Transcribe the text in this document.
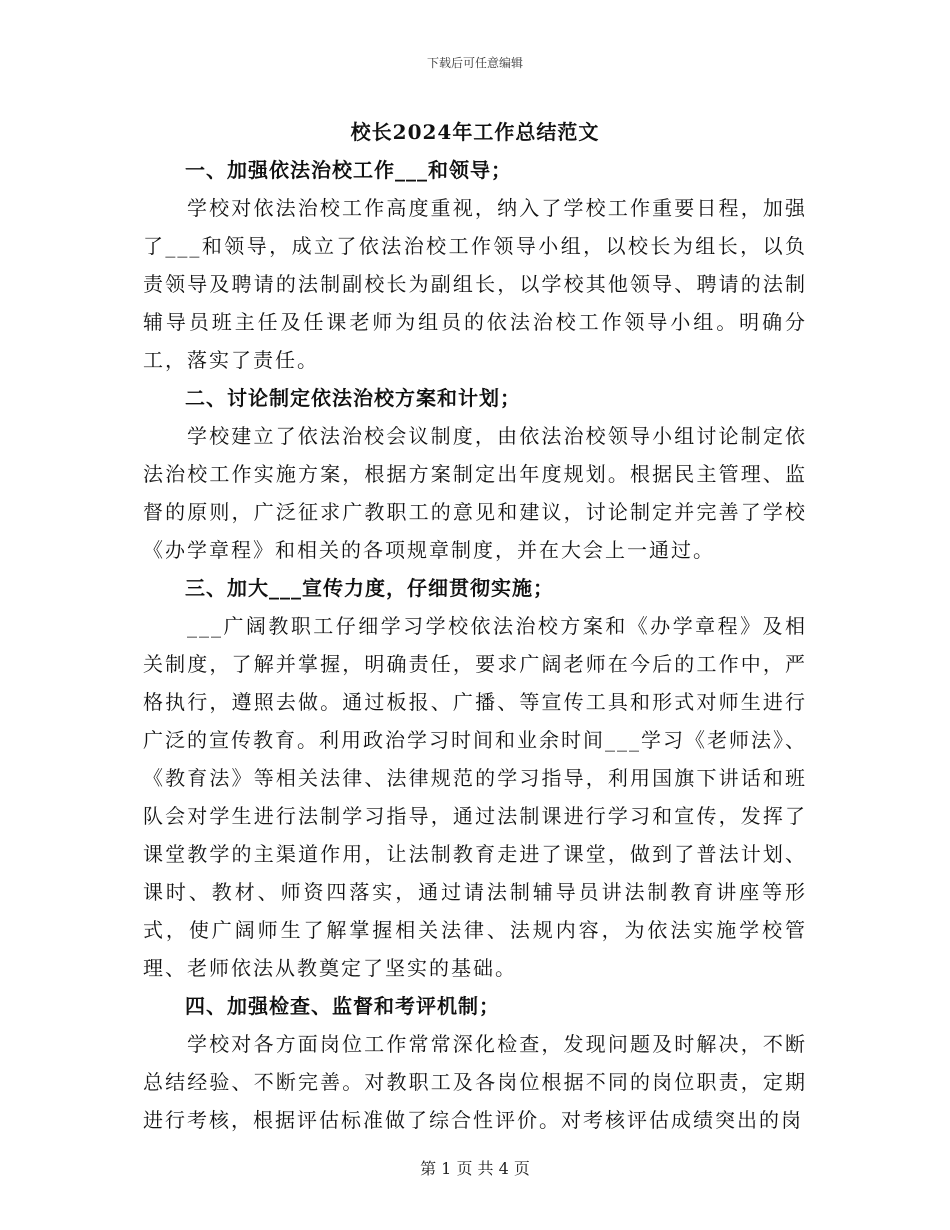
下载后可任意编辑
校长2024年工作总结范文
一、加强依法治校工作___和领导；

学校对依法治校工作高度重视，纳入了学校工作重要日程，加强了___和领导，成立了依法治校工作领导小组，以校长为组长，以负责领导及聘请的法制副校长为副组长，以学校其他领导、聘请的法制辅导员班主任及任课老师为组员的依法治校工作领导小组。明确分工，落实了责任。

二、讨论制定依法治校方案和计划；

学校建立了依法治校会议制度，由依法治校领导小组讨论制定依法治校工作实施方案，根据方案制定出年度规划。根据民主管理、监督的原则，广泛征求广教职工的意见和建议，讨论制定并完善了学校《办学章程》和相关的各项规章制度，并在大会上一通过。

三、加大___宣传力度，仔细贯彻实施；

___广阔教职工仔细学习学校依法治校方案和《办学章程》及相关制度，了解并掌握，明确责任，要求广阔老师在今后的工作中，严格执行，遵照去做。通过板报、广播、等宣传工具和形式对师生进行广泛的宣传教育。利用政治学习时间和业余时间___学习《老师法》、《教育法》等相关法律、法律规范的学习指导，利用国旗下讲话和班队会对学生进行法制学习指导，通过法制课进行学习和宣传，发挥了课堂教学的主渠道作用，让法制教育走进了课堂，做到了普法计划、课时、教材、师资四落实，通过请法制辅导员讲法制教育讲座等形式，使广阔师生了解掌握相关法律、法规内容，为依法实施学校管理、老师依法从教奠定了坚实的基础。

四、加强检查、监督和考评机制；

学校对各方面岗位工作常常深化检查，发现问题及时解决，不断总结经验、不断完善。对教职工及各岗位根据不同的岗位职责，定期进行考核，根据评估标准做了综合性评价。对考核评估成绩突出的岗

第 1 页 共 4 页
